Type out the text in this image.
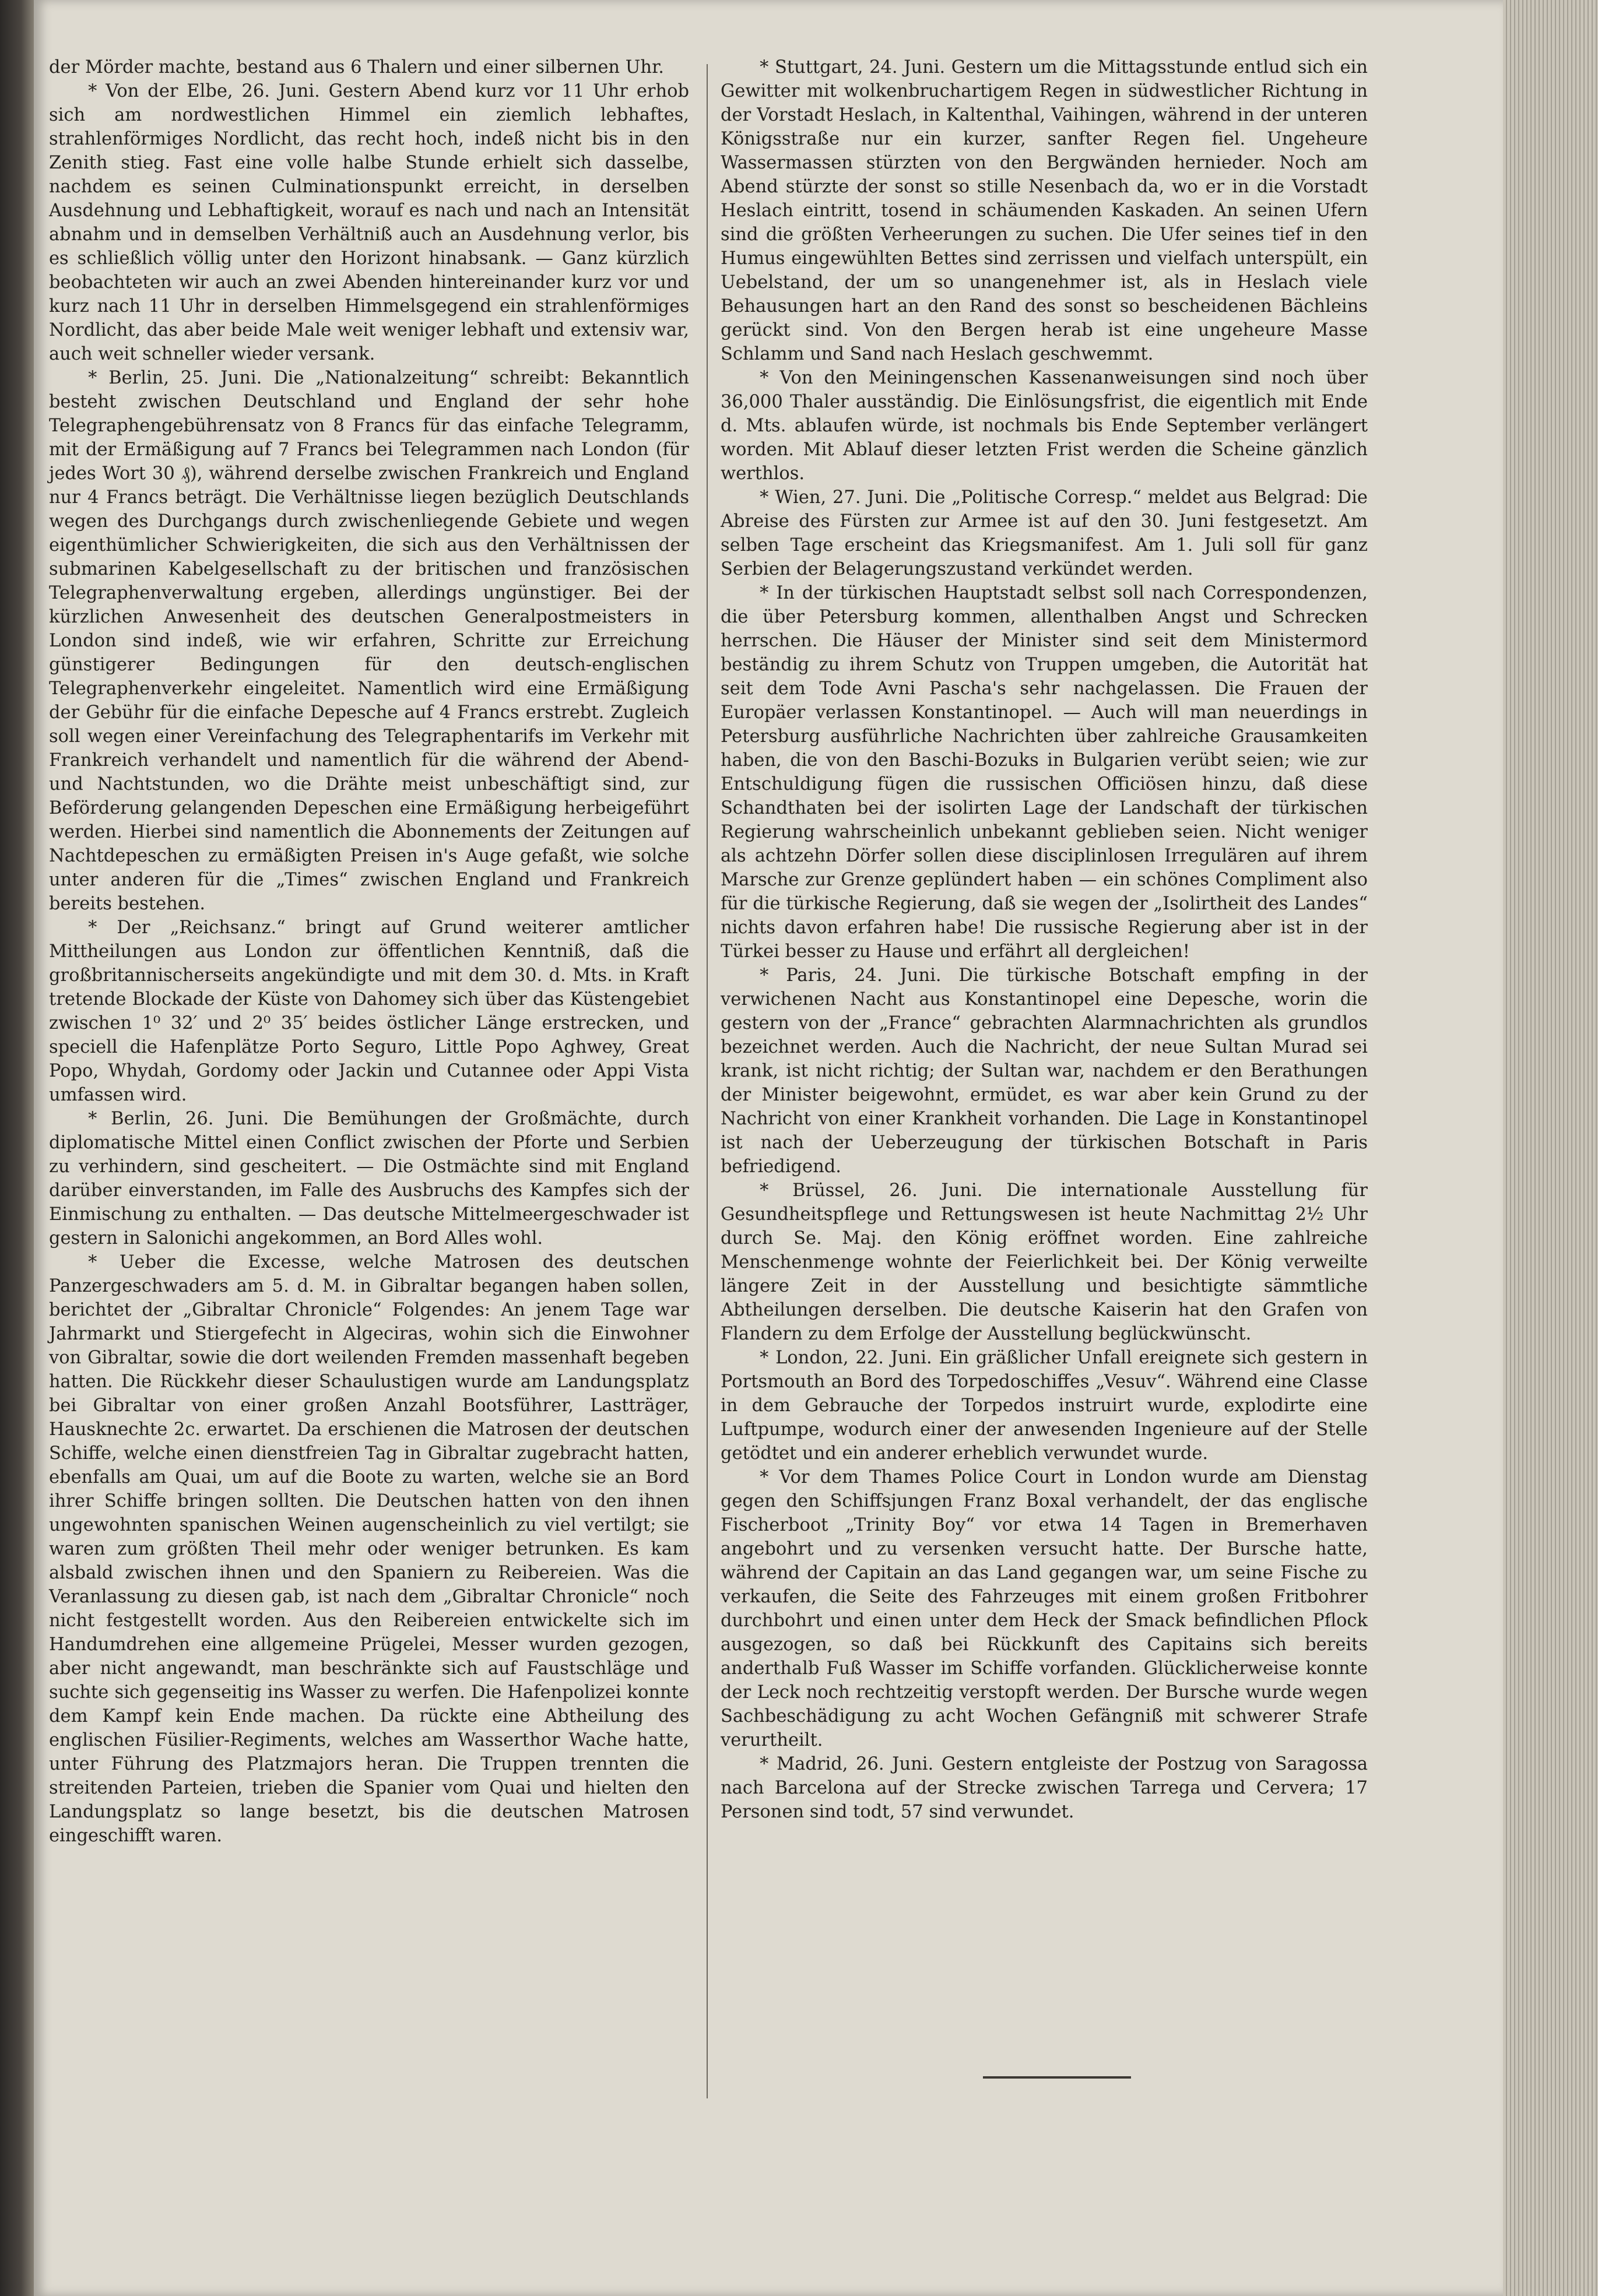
der Mörder machte, bestand aus 6 Thalern und einer silbernen Uhr.

* Von der Elbe, 26. Juni. Gestern Abend kurz vor 11 Uhr erhob sich am nordwestlichen Himmel ein ziemlich lebhaftes, strahlenförmiges Nordlicht, das recht hoch, indeß nicht bis in den Zenith stieg. Fast eine volle halbe Stunde erhielt sich dasselbe, nachdem es seinen Culminationspunkt erreicht, in derselben Ausdehnung und Lebhaftigkeit, worauf es nach und nach an Intensität abnahm und in demselben Verhältniß auch an Ausdehnung verlor, bis es schließlich völlig unter den Horizont hinabsank. — Ganz kürzlich beobachteten wir auch an zwei Abenden hintereinander kurz vor und kurz nach 11 Uhr in derselben Himmelsgegend ein strahlenförmiges Nordlicht, das aber beide Male weit weniger lebhaft und extensiv war, auch weit schneller wieder versank.

* Berlin, 25. Juni. Die „Nationalzeitung“ schreibt: Bekanntlich besteht zwischen Deutschland und England der sehr hohe Telegraphengebührensatz von 8 Francs für das einfache Telegramm, mit der Ermäßigung auf 7 Francs bei Telegrammen nach London (für jedes Wort 30 ₰), während derselbe zwischen Frankreich und England nur 4 Francs beträgt. Die Verhältnisse liegen bezüglich Deutschlands wegen des Durchgangs durch zwischenliegende Gebiete und wegen eigenthümlicher Schwierigkeiten, die sich aus den Verhältnissen der submarinen Kabelgesellschaft zu der britischen und französischen Telegraphenverwaltung ergeben, allerdings ungünstiger. Bei der kürzlichen Anwesenheit des deutschen Generalpostmeisters in London sind indeß, wie wir erfahren, Schritte zur Erreichung günstigerer Bedingungen für den deutsch-englischen Telegraphenverkehr eingeleitet. Namentlich wird eine Ermäßigung der Gebühr für die einfache Depesche auf 4 Francs erstrebt. Zugleich soll wegen einer Vereinfachung des Telegraphentarifs im Verkehr mit Frankreich verhandelt und namentlich für die während der Abend- und Nachtstunden, wo die Drähte meist unbeschäftigt sind, zur Beförderung gelangenden Depeschen eine Ermäßigung herbeigeführt werden. Hierbei sind namentlich die Abonnements der Zeitungen auf Nachtdepeschen zu ermäßigten Preisen in's Auge gefaßt, wie solche unter anderen für die „Times“ zwischen England und Frankreich bereits bestehen.

* Der „Reichsanz.“ bringt auf Grund weiterer amtlicher Mittheilungen aus London zur öffentlichen Kenntniß, daß die großbritannischerseits angekündigte und mit dem 30. d. Mts. in Kraft tretende Blockade der Küste von Dahomey sich über das Küstengebiet zwischen 1⁰ 32′ und 2⁰ 35′ beides östlicher Länge erstrecken, und speciell die Hafenplätze Porto Seguro, Little Popo Aghwey, Great Popo, Whydah, Gordomy oder Jackin und Cutannee oder Appi Vista umfassen wird.

* Berlin, 26. Juni. Die Bemühungen der Großmächte, durch diplomatische Mittel einen Conflict zwischen der Pforte und Serbien zu verhindern, sind gescheitert. — Die Ostmächte sind mit England darüber einverstanden, im Falle des Ausbruchs des Kampfes sich der Einmischung zu enthalten. — Das deutsche Mittelmeergeschwader ist gestern in Salonichi angekommen, an Bord Alles wohl.

* Ueber die Excesse, welche Matrosen des deutschen Panzergeschwaders am 5. d. M. in Gibraltar begangen haben sollen, berichtet der „Gibraltar Chronicle“ Folgendes: An jenem Tage war Jahrmarkt und Stiergefecht in Algeciras, wohin sich die Einwohner von Gibraltar, sowie die dort weilenden Fremden massenhaft begeben hatten. Die Rückkehr dieser Schaulustigen wurde am Landungsplatz bei Gibraltar von einer großen Anzahl Bootsführer, Lastträger, Hausknechte 2c. erwartet. Da erschienen die Matrosen der deutschen Schiffe, welche einen dienstfreien Tag in Gibraltar zugebracht hatten, ebenfalls am Quai, um auf die Boote zu warten, welche sie an Bord ihrer Schiffe bringen sollten. Die Deutschen hatten von den ihnen ungewohnten spanischen Weinen augenscheinlich zu viel vertilgt; sie waren zum größten Theil mehr oder weniger betrunken. Es kam alsbald zwischen ihnen und den Spaniern zu Reibereien. Was die Veranlassung zu diesen gab, ist nach dem „Gibraltar Chronicle“ noch nicht festgestellt worden. Aus den Reibereien entwickelte sich im Handumdrehen eine allgemeine Prügelei, Messer wurden gezogen, aber nicht angewandt, man beschränkte sich auf Faustschläge und suchte sich gegenseitig ins Wasser zu werfen. Die Hafenpolizei konnte dem Kampf kein Ende machen. Da rückte eine Abtheilung des englischen Füsilier-Regiments, welches am Wasserthor Wache hatte, unter Führung des Platzmajors heran. Die Truppen trennten die streitenden Parteien, trieben die Spanier vom Quai und hielten den Landungsplatz so lange besetzt, bis die deutschen Matrosen eingeschifft waren.

* Stuttgart, 24. Juni. Gestern um die Mittagsstunde entlud sich ein Gewitter mit wolkenbruchartigem Regen in südwestlicher Richtung in der Vorstadt Heslach, in Kaltenthal, Vaihingen, während in der unteren Königsstraße nur ein kurzer, sanfter Regen fiel. Ungeheure Wassermassen stürzten von den Bergwänden hernieder. Noch am Abend stürzte der sonst so stille Nesenbach da, wo er in die Vorstadt Heslach eintritt, tosend in schäumenden Kaskaden. An seinen Ufern sind die größten Verheerungen zu suchen. Die Ufer seines tief in den Humus eingewühlten Bettes sind zerrissen und vielfach unterspült, ein Uebelstand, der um so unangenehmer ist, als in Heslach viele Behausungen hart an den Rand des sonst so bescheidenen Bächleins gerückt sind. Von den Bergen herab ist eine ungeheure Masse Schlamm und Sand nach Heslach geschwemmt.

* Von den Meiningenschen Kassenanweisungen sind noch über 36,000 Thaler ausständig. Die Einlösungsfrist, die eigentlich mit Ende d. Mts. ablaufen würde, ist nochmals bis Ende September verlängert worden. Mit Ablauf dieser letzten Frist werden die Scheine gänzlich werthlos.

* Wien, 27. Juni. Die „Politische Corresp.“ meldet aus Belgrad: Die Abreise des Fürsten zur Armee ist auf den 30. Juni festgesetzt. Am selben Tage erscheint das Kriegsmanifest. Am 1. Juli soll für ganz Serbien der Belagerungszustand verkündet werden.

* In der türkischen Hauptstadt selbst soll nach Correspondenzen, die über Petersburg kommen, allenthalben Angst und Schrecken herrschen. Die Häuser der Minister sind seit dem Ministermord beständig zu ihrem Schutz von Truppen umgeben, die Autorität hat seit dem Tode Avni Pascha's sehr nachgelassen. Die Frauen der Europäer verlassen Konstantinopel. — Auch will man neuerdings in Petersburg ausführliche Nachrichten über zahlreiche Grausamkeiten haben, die von den Baschi-Bozuks in Bulgarien verübt seien; wie zur Entschuldigung fügen die russischen Officiösen hinzu, daß diese Schandthaten bei der isolirten Lage der Landschaft der türkischen Regierung wahrscheinlich unbekannt geblieben seien. Nicht weniger als achtzehn Dörfer sollen diese disciplinlosen Irregulären auf ihrem Marsche zur Grenze geplündert haben — ein schönes Compliment also für die türkische Regierung, daß sie wegen der „Isolirtheit des Landes“ nichts davon erfahren habe! Die russische Regierung aber ist in der Türkei besser zu Hause und erfährt all dergleichen!

* Paris, 24. Juni. Die türkische Botschaft empfing in der verwichenen Nacht aus Konstantinopel eine Depesche, worin die gestern von der „France“ gebrachten Alarmnachrichten als grundlos bezeichnet werden. Auch die Nachricht, der neue Sultan Murad sei krank, ist nicht richtig; der Sultan war, nachdem er den Berathungen der Minister beigewohnt, ermüdet, es war aber kein Grund zu der Nachricht von einer Krankheit vorhanden. Die Lage in Konstantinopel ist nach der Ueberzeugung der türkischen Botschaft in Paris befriedigend.

* Brüssel, 26. Juni. Die internationale Ausstellung für Gesundheitspflege und Rettungswesen ist heute Nachmittag 2½ Uhr durch Se. Maj. den König eröffnet worden. Eine zahlreiche Menschenmenge wohnte der Feierlichkeit bei. Der König verweilte längere Zeit in der Ausstellung und besichtigte sämmtliche Abtheilungen derselben. Die deutsche Kaiserin hat den Grafen von Flandern zu dem Erfolge der Ausstellung beglückwünscht.

* London, 22. Juni. Ein gräßlicher Unfall ereignete sich gestern in Portsmouth an Bord des Torpedoschiffes „Vesuv“. Während eine Classe in dem Gebrauche der Torpedos instruirt wurde, explodirte eine Luftpumpe, wodurch einer der anwesenden Ingenieure auf der Stelle getödtet und ein anderer erheblich verwundet wurde.

* Vor dem Thames Police Court in London wurde am Dienstag gegen den Schiffsjungen Franz Boxal verhandelt, der das englische Fischerboot „Trinity Boy“ vor etwa 14 Tagen in Bremerhaven angebohrt und zu versenken versucht hatte. Der Bursche hatte, während der Capitain an das Land gegangen war, um seine Fische zu verkaufen, die Seite des Fahrzeuges mit einem großen Fritbohrer durchbohrt und einen unter dem Heck der Smack befindlichen Pflock ausgezogen, so daß bei Rückkunft des Capitains sich bereits anderthalb Fuß Wasser im Schiffe vorfanden. Glücklicherweise konnte der Leck noch rechtzeitig verstopft werden. Der Bursche wurde wegen Sachbeschädigung zu acht Wochen Gefängniß mit schwerer Strafe verurtheilt.

* Madrid, 26. Juni. Gestern entgleiste der Postzug von Saragossa nach Barcelona auf der Strecke zwischen Tarrega und Cervera; 17 Personen sind todt, 57 sind verwundet.
